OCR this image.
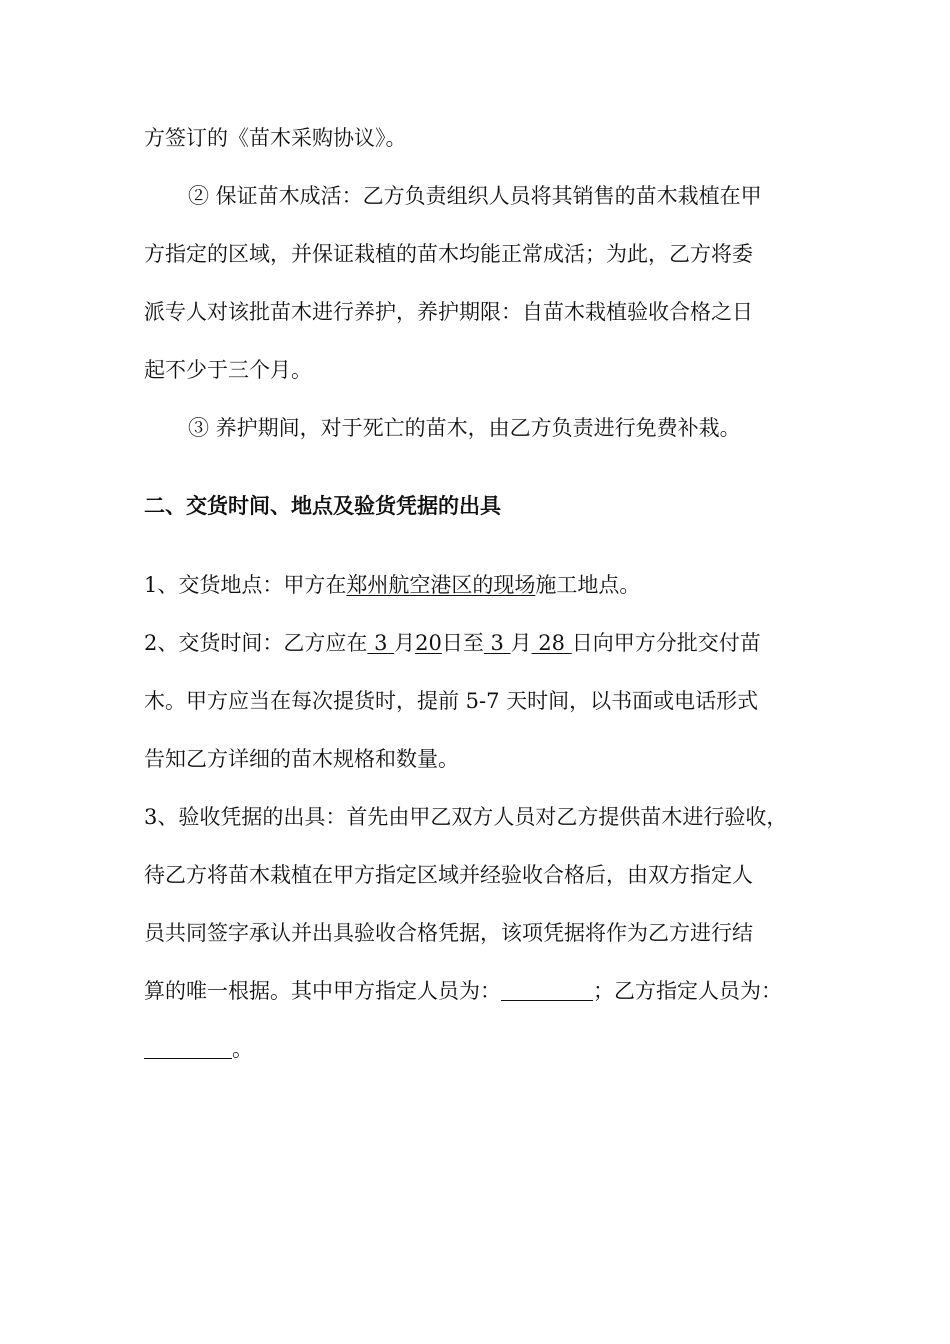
方签订的《苗木采购协议》。
② 保证苗木成活：乙方负责组织人员将其销售的苗木栽植在甲
方指定的区域，并保证栽植的苗木均能正常成活；为此，乙方将委
派专人对该批苗木进行养护，养护期限：自苗木栽植验收合格之日
起不少于三个月。
③ 养护期间，对于死亡的苗木，由乙方负责进行免费补栽。
二、交货时间、地点及验货凭据的出具
1、交货地点：甲方在郑州航空港区的现场施工地点。
2、交货时间：乙方应在 3 月20日至 3 月 28 日向甲方分批交付苗
木。甲方应当在每次提货时，提前 5-7 天时间，以书面或电话形式
告知乙方详细的苗木规格和数量。
3、验收凭据的出具：首先由甲乙双方人员对乙方提供苗木进行验收，
待乙方将苗木栽植在甲方指定区域并经验收合格后，由双方指定人
员共同签字承认并出具验收合格凭据，该项凭据将作为乙方进行结
算的唯一根据。其中甲方指定人员为：	；乙方指定人员为：
。
